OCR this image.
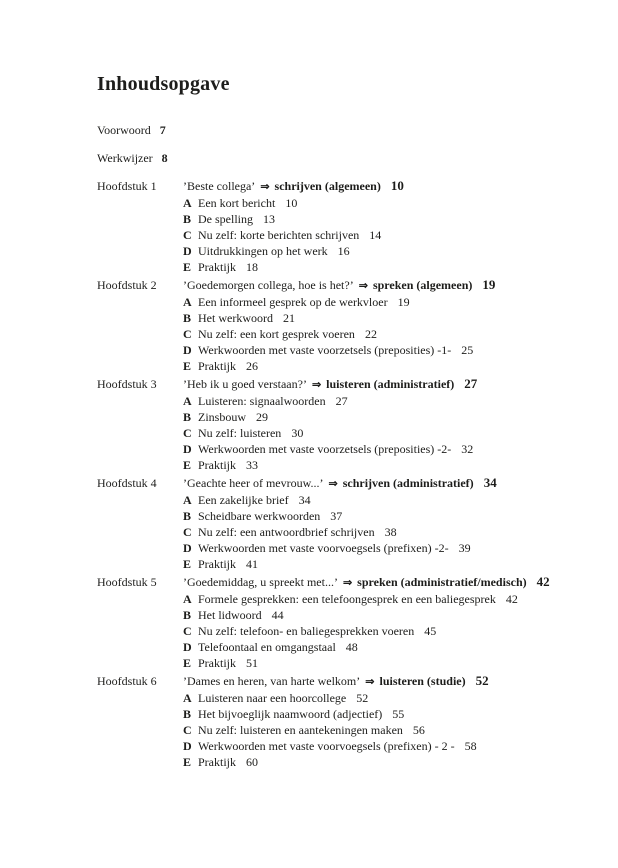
Inhoudsopgave
Voorwoord 7
Werkwijzer 8
Hoofdstuk 1	’Beste collega’ ⇒ schrijven (algemeen) 10
A Een kort bericht 10
B De spelling 13
C Nu zelf: korte berichten schrijven 14
D Uitdrukkingen op het werk 16
E Praktijk 18
Hoofdstuk 2	’Goedemorgen collega, hoe is het?’ ⇒ spreken (algemeen) 19
A Een informeel gesprek op de werkvloer 19
B Het werkwoord 21
C Nu zelf: een kort gesprek voeren 22
D Werkwoorden met vaste voorzetsels (preposities) -1- 25
E Praktijk 26
Hoofdstuk 3	’Heb ik u goed verstaan?’ ⇒ luisteren (administratief) 27
A Luisteren: signaalwoorden 27
B Zinsbouw 29
C Nu zelf: luisteren 30
D Werkwoorden met vaste voorzetsels (preposities) -2- 32
E Praktijk 33
Hoofdstuk 4	’Geachte heer of mevrouw...’ ⇒ schrijven (administratief) 34
A Een zakelijke brief 34
B Scheidbare werkwoorden 37
C Nu zelf: een antwoordbrief schrijven 38
D Werkwoorden met vaste voorvoegsels (prefixen) -2- 39
E Praktijk 41
Hoofdstuk 5	’Goedemiddag, u spreekt met...’ ⇒ spreken (administratief/medisch) 42
A Formele gesprekken: een telefoongesprek en een baliegesprek 42
B Het lidwoord 44
C Nu zelf: telefoon- en baliegesprekken voeren 45
D Telefoontaal en omgangstaal 48
E Praktijk 51
Hoofdstuk 6	’Dames en heren, van harte welkom’ ⇒ luisteren (studie) 52
A Luisteren naar een hoorcollege 52
B Het bijvoeglijk naamwoord (adjectief) 55
C Nu zelf: luisteren en aantekeningen maken 56
D Werkwoorden met vaste voorvoegsels (prefixen) - 2 - 58
E Praktijk 60
